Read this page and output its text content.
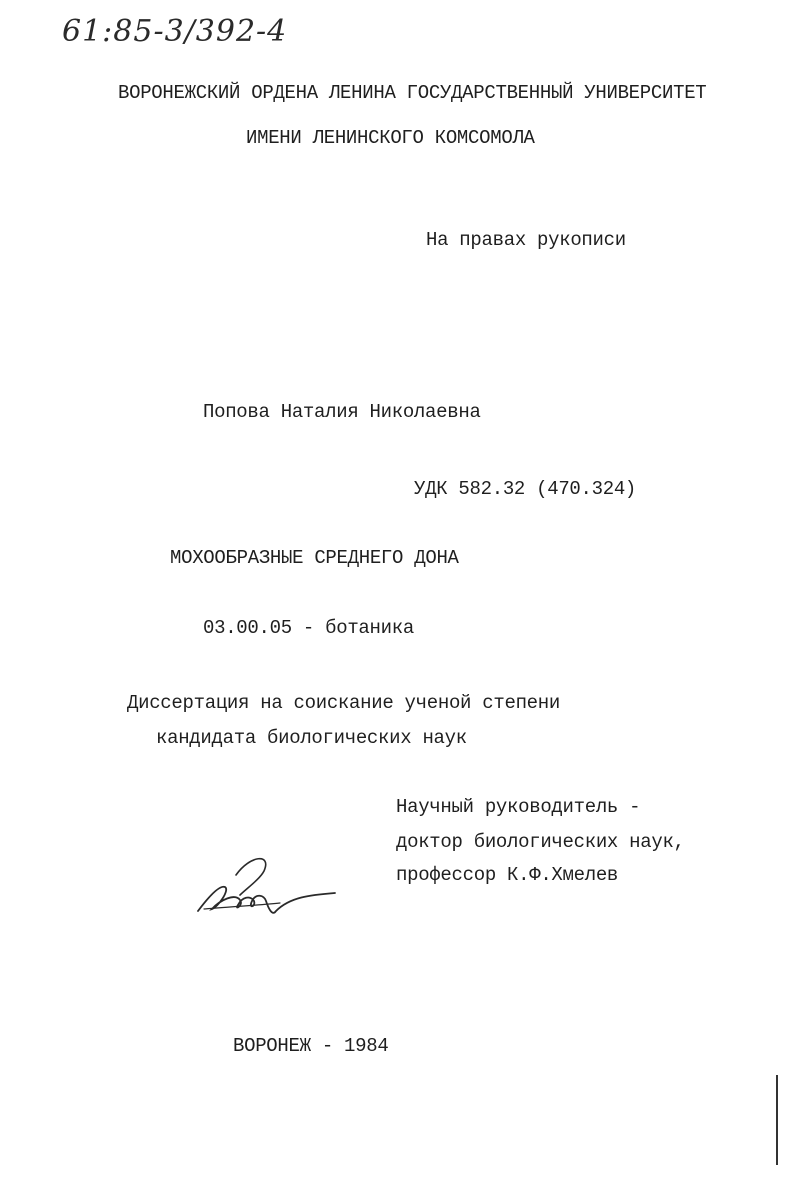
61:85-3/392-4
ВОРОНЕЖСКИЙ ОРДЕНА ЛЕНИНА ГОСУДАРСТВЕННЫЙ УНИВЕРСИТЕТ
ИМЕНИ ЛЕНИНСКОГО КОМСОМОЛА
На правах рукописи
Попова Наталия Николаевна
УДК 582.32 (470.324)
МОХООБРАЗНЫЕ СРЕДНЕГО ДОНА
03.00.05 - ботаника
Диссертация на соискание ученой степени
кандидата биологических наук
Научный руководитель -
доктор биологических наук,
профессор К.Ф.Хмелев
ВОРОНЕЖ - 1984
